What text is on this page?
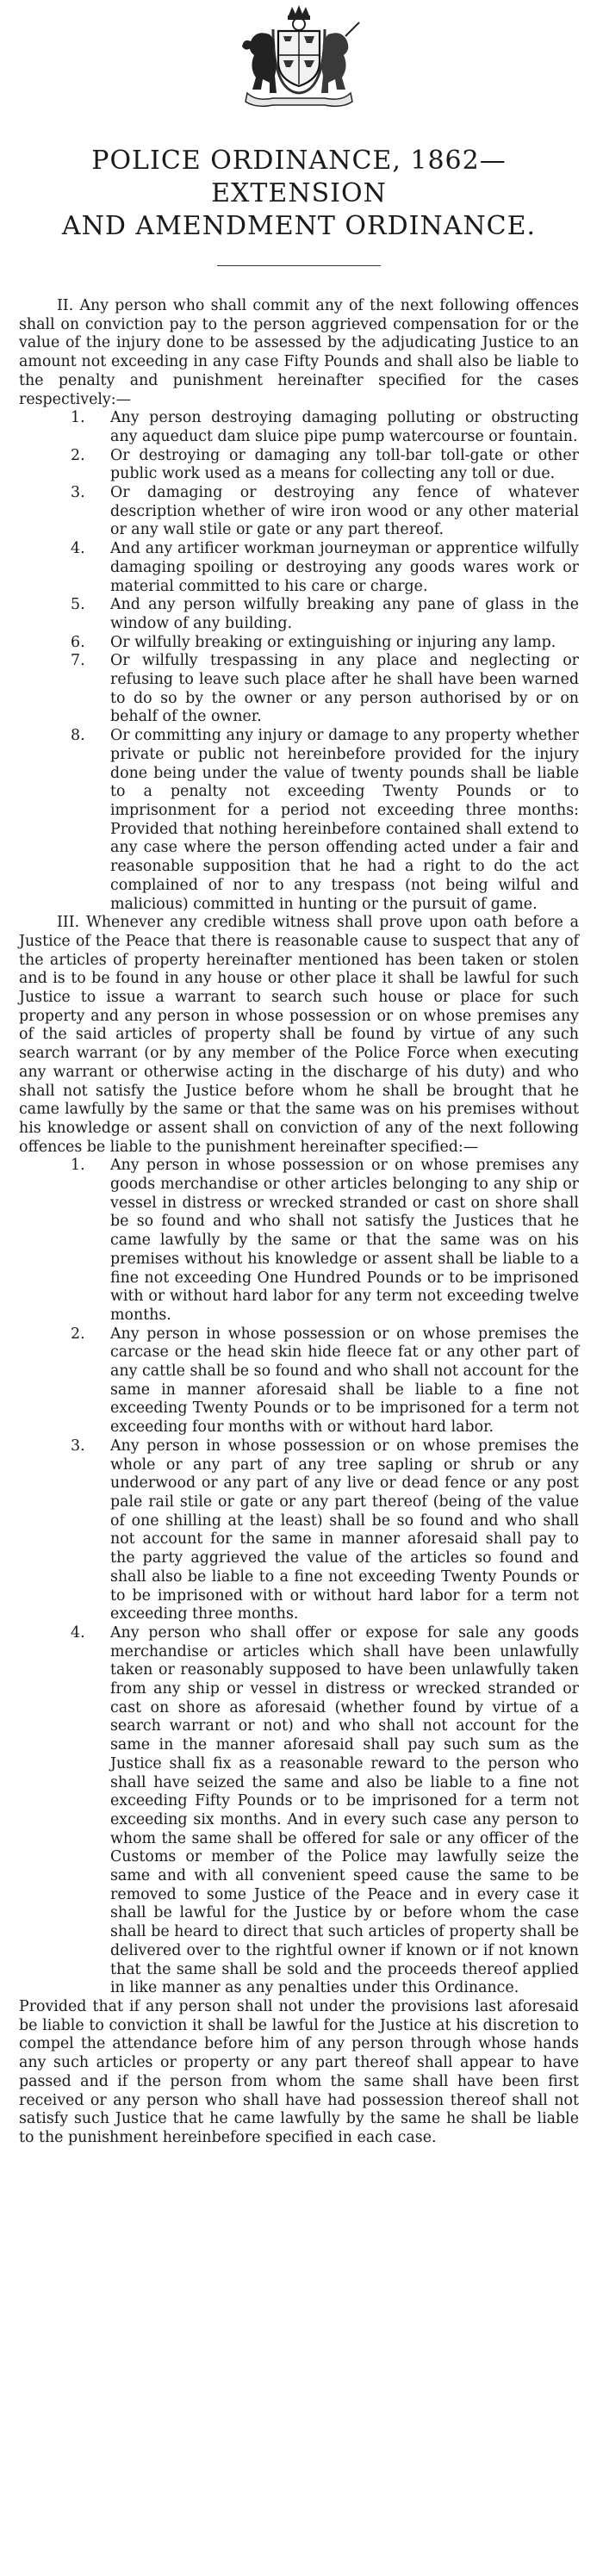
POLICE ORDINANCE, 1862—EXTENSION
AND AMENDMENT ORDINANCE.

II. Any person who shall commit any of the next following offences shall on conviction pay to the person aggrieved compensation for or the value of the injury done to be assessed by the adjudicating Justice to an amount not exceeding in any case Fifty Pounds and shall also be liable to the penalty and punishment hereinafter specified for the cases respectively:—

1. Any person destroying damaging polluting or obstructing any aqueduct dam sluice pipe pump watercourse or fountain.
2. Or destroying or damaging any toll-bar toll-gate or other public work used as a means for collecting any toll or due.
3. Or damaging or destroying any fence of whatever description whether of wire iron wood or any other material or any wall stile or gate or any part thereof.
4. And any artificer workman journeyman or apprentice wilfully damaging spoiling or destroying any goods wares work or material committed to his care or charge.
5. And any person wilfully breaking any pane of glass in the window of any building.
6. Or wilfully breaking or extinguishing or injuring any lamp.
7. Or wilfully trespassing in any place and neglecting or refusing to leave such place after he shall have been warned to do so by the owner or any person authorised by or on behalf of the owner.
8. Or committing any injury or damage to any property whether private or public not hereinbefore provided for the injury done being under the value of twenty pounds shall be liable to a penalty not exceeding Twenty Pounds or to imprisonment for a period not exceeding three months: Provided that nothing hereinbefore contained shall extend to any case where the person offending acted under a fair and reasonable supposition that he had a right to do the act complained of nor to any trespass (not being wilful and malicious) committed in hunting or the pursuit of game.

III. Whenever any credible witness shall prove upon oath before a Justice of the Peace that there is reasonable cause to suspect that any of the articles of property hereinafter mentioned has been taken or stolen and is to be found in any house or other place it shall be lawful for such Justice to issue a warrant to search such house or place for such property and any person in whose possession or on whose premises any of the said articles of property shall be found by virtue of any such search warrant (or by any member of the Police Force when executing any warrant or otherwise acting in the discharge of his duty) and who shall not satisfy the Justice before whom he shall be brought that he came lawfully by the same or that the same was on his premises without his knowledge or assent shall on conviction of any of the next following offences be liable to the punishment hereinafter specified:—

1. Any person in whose possession or on whose premises any goods merchandise or other articles belonging to any ship or vessel in distress or wrecked stranded or cast on shore shall be so found and who shall not satisfy the Justices that he came lawfully by the same or that the same was on his premises without his knowledge or assent shall be liable to a fine not exceeding One Hundred Pounds or to be imprisoned with or without hard labor for any term not exceeding twelve months.
2. Any person in whose possession or on whose premises the carcase or the head skin hide fleece fat or any other part of any cattle shall be so found and who shall not account for the same in manner aforesaid shall be liable to a fine not exceeding Twenty Pounds or to be imprisoned for a term not exceeding four months with or without hard labor.
3. Any person in whose possession or on whose premises the whole or any part of any tree sapling or shrub or any underwood or any part of any live or dead fence or any post pale rail stile or gate or any part thereof (being of the value of one shilling at the least) shall be so found and who shall not account for the same in manner aforesaid shall pay to the party aggrieved the value of the articles so found and shall also be liable to a fine not exceeding Twenty Pounds or to be imprisoned with or without hard labor for a term not exceeding three months.
4. Any person who shall offer or expose for sale any goods merchandise or articles which shall have been unlawfully taken or reasonably supposed to have been unlawfully taken from any ship or vessel in distress or wrecked stranded or cast on shore as aforesaid (whether found by virtue of a search warrant or not) and who shall not account for the same in the manner aforesaid shall pay such sum as the Justice shall fix as a reasonable reward to the person who shall have seized the same and also be liable to a fine not exceeding Fifty Pounds or to be imprisoned for a term not exceeding six months. And in every such case any person to whom the same shall be offered for sale or any officer of the Customs or member of the Police may lawfully seize the same and with all convenient speed cause the same to be removed to some Justice of the Peace and in every case it shall be lawful for the Justice by or before whom the case shall be heard to direct that such articles of property shall be delivered over to the rightful owner if known or if not known that the same shall be sold and the proceeds thereof applied in like manner as any penalties under this Ordinance.

Provided that if any person shall not under the provisions last aforesaid be liable to conviction it shall be lawful for the Justice at his discretion to compel the attendance before him of any person through whose hands any such articles or property or any part thereof shall appear to have passed and if the person from whom the same shall have been first received or any person who shall have had possession thereof shall not satisfy such Justice that he came lawfully by the same he shall be liable to the punishment hereinbefore specified in each case.
